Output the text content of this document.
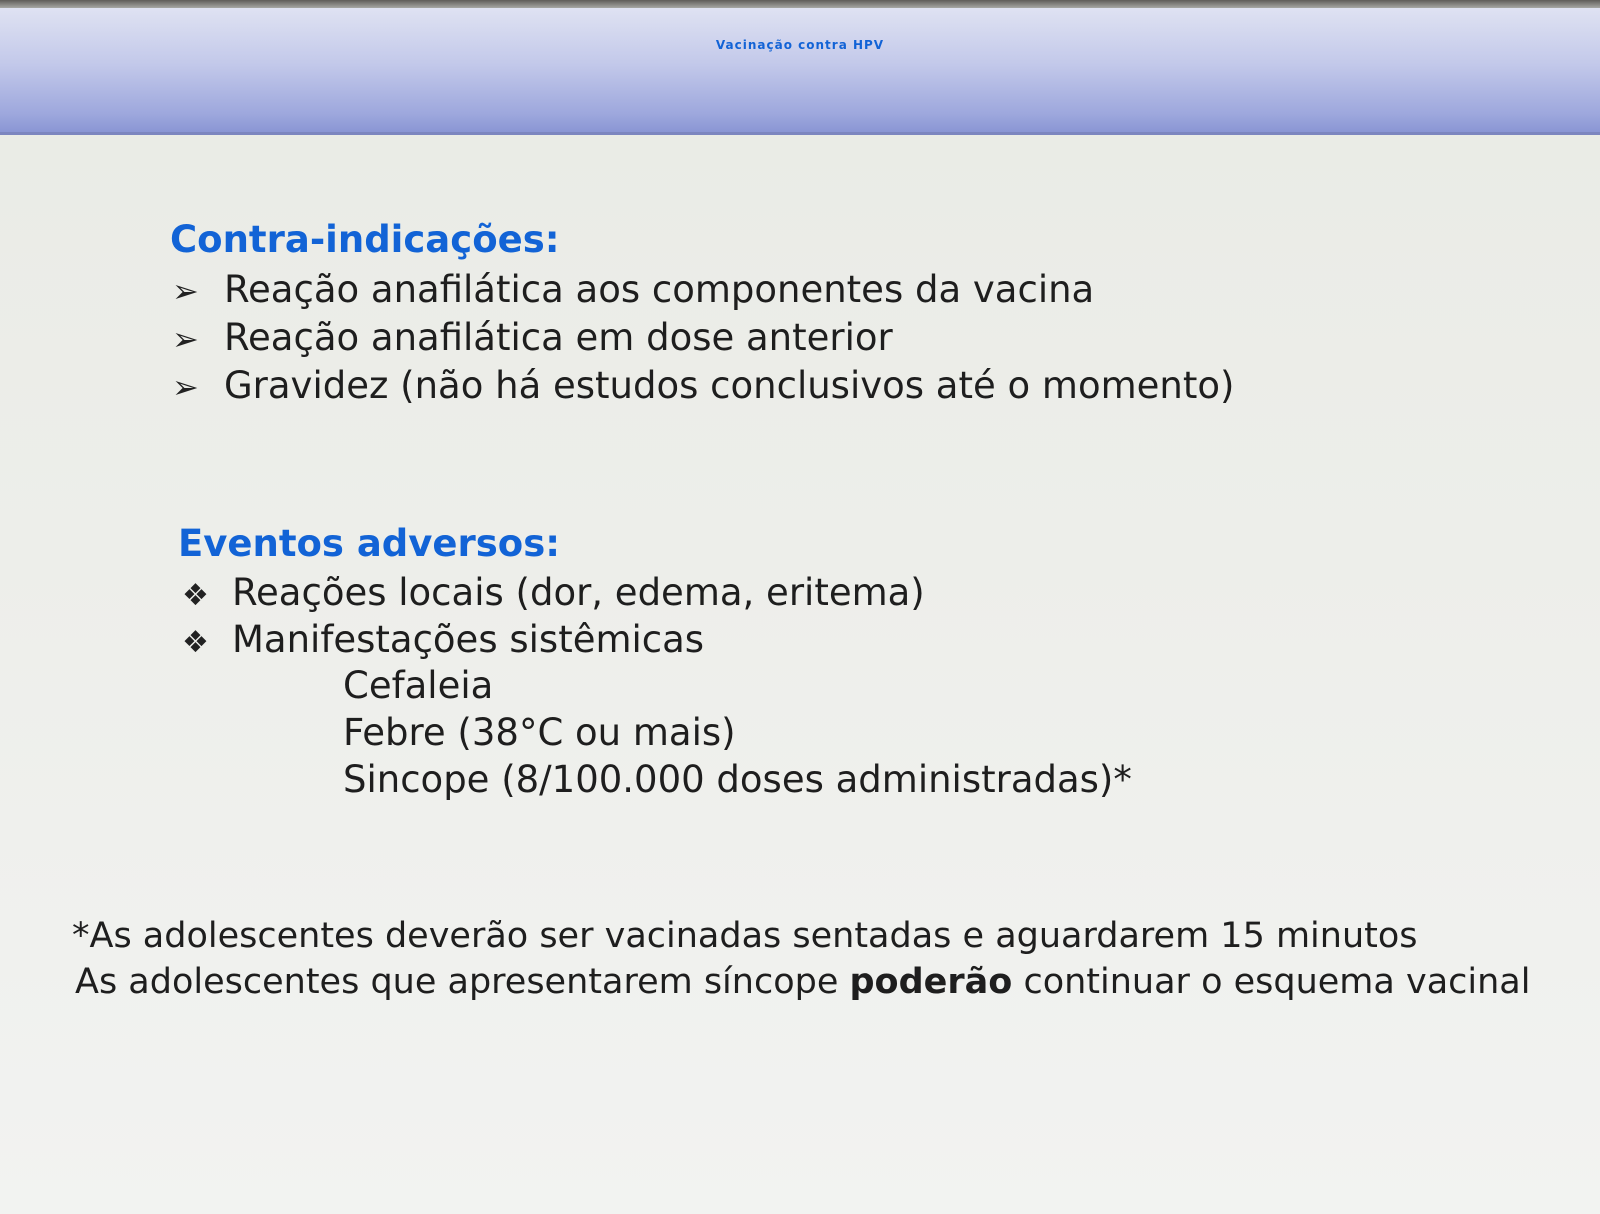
Vacinação contra HPV
Contra-indicações:
➢ Reação anafilática aos componentes da vacina
➢ Reação anafilática em dose anterior
➢ Gravidez (não há estudos conclusivos até o momento)
Eventos adversos:
❖ Reações locais (dor, edema, eritema)
❖ Manifestações sistêmicas
Cefaleia
Febre (38°C ou mais)
Sincope (8/100.000 doses administradas)*
*As adolescentes deverão ser vacinadas sentadas e aguardarem 15 minutos
As adolescentes que apresentarem síncope poderão continuar o esquema vacinal
